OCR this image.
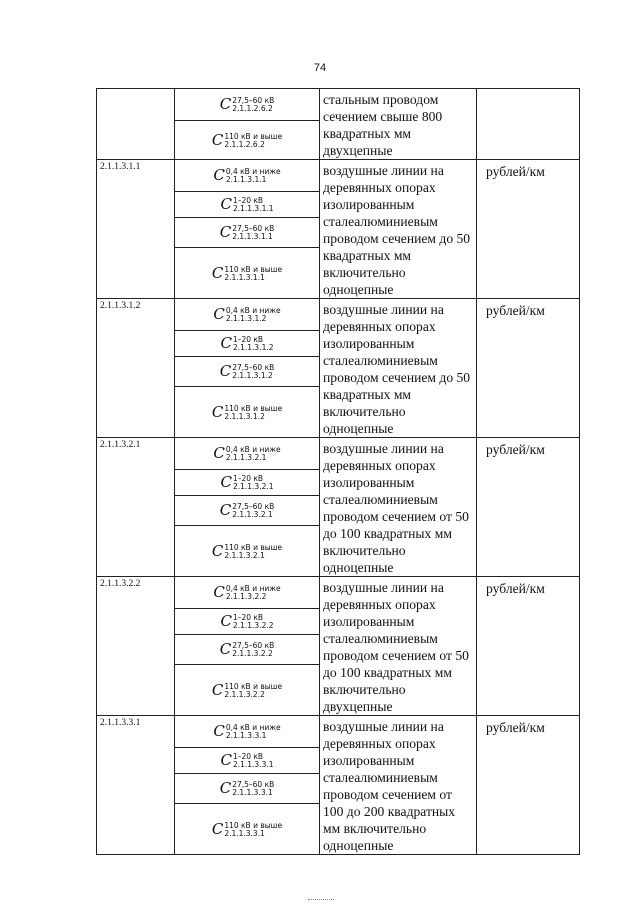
74
	C 27,5–60 кВ
2.1.1.2.6.2	стальным проводом сечением свыше 800 квадратных мм двухцепные	
	C 110 кВ и выше
2.1.1.2.6.2		

2.1.1.3.1.1	C 0,4 кВ и ниже
2.1.1.3.1.1	воздушные линии на деревянных опорах изолированным сталеалюминиевым проводом сечением до 50 квадратных мм включительно одноцепные	рублей/км
	C 1–20 кВ
2.1.1.3.1.1		

	C 27,5–60 кВ
2.1.1.3.1.1		

	C 110 кВ и выше
2.1.1.3.1.1		

2.1.1.3.1.2	C 0,4 кВ и ниже
2.1.1.3.1.2	воздушные линии на деревянных опорах изолированным сталеалюминиевым проводом сечением до 50 квадратных мм включительно одноцепные	рублей/км
	C 1–20 кВ
2.1.1.3.1.2		

	C 27,5–60 кВ
2.1.1.3.1.2		

	C 110 кВ и выше
2.1.1.3.1.2		

2.1.1.3.2.1	C 0,4 кВ и ниже
2.1.1.3.2.1	воздушные линии на деревянных опорах изолированным сталеалюминиевым проводом сечением от 50 до 100 квадратных мм включительно одноцепные	рублей/км
	C 1–20 кВ
2.1.1.3.2.1		

	C 27,5–60 кВ
2.1.1.3.2.1		

	C 110 кВ и выше
2.1.1.3.2.1		

2.1.1.3.2.2	C 0,4 кВ и ниже
2.1.1.3.2.2	воздушные линии на деревянных опорах изолированным сталеалюминиевым проводом сечением от 50 до 100 квадратных мм включительно двухцепные	рублей/км
	C 1–20 кВ
2.1.1.3.2.2		

	C 27,5–60 кВ
2.1.1.3.2.2		

	C 110 кВ и выше
2.1.1.3.2.2		

2.1.1.3.3.1	C 0,4 кВ и ниже
2.1.1.3.3.1	воздушные линии на деревянных опорах изолированным сталеалюминиевым проводом сечением от 100 до 200 квадратных мм включительно одноцепные	рублей/км
	C 1–20 кВ
2.1.1.3.3.1		

	C 27,5–60 кВ
2.1.1.3.3.1		

	C 110 кВ и выше
2.1.1.3.3.1		
